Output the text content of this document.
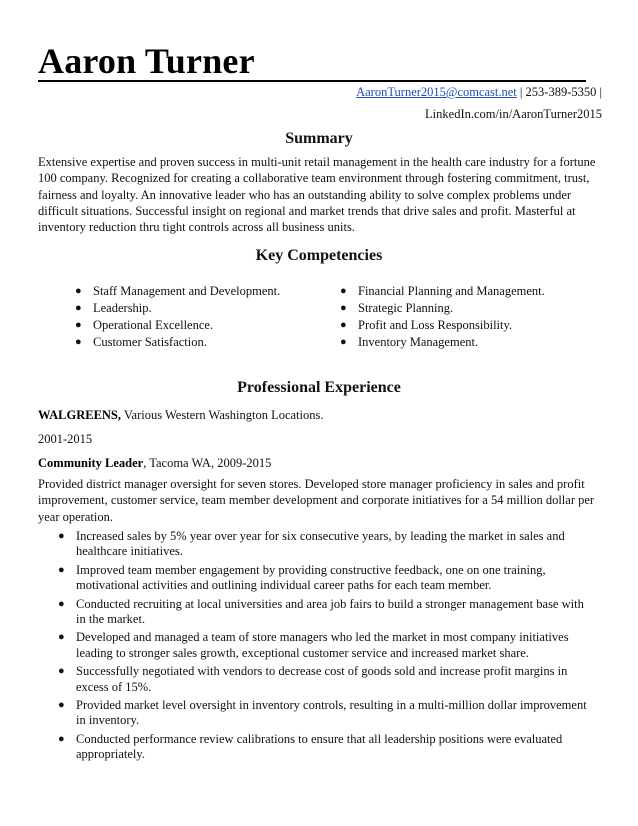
Aaron Turner
AaronTurner2015@comcast.net | 253-389-5350 |
LinkedIn.com/in/AaronTurner2015
Summary
Extensive expertise and proven success in multi-unit retail management in the health care industry for a fortune 100 company. Recognized for creating a collaborative team environment through fostering commitment, trust, fairness and loyalty. An innovative leader who has an outstanding ability to solve complex problems under difficult situations. Successful insight on regional and market trends that drive sales and profit. Masterful at inventory reduction thru tight controls across all business units.
Key Competencies
● Staff Management and Development.
● Leadership.
● Operational Excellence.
● Customer Satisfaction.
● Financial Planning and Management.
● Strategic Planning.
● Profit and Loss Responsibility.
● Inventory Management.
Professional Experience
WALGREENS, Various Western Washington Locations.
2001-2015
Community Leader, Tacoma WA, 2009-2015
Provided district manager oversight for seven stores. Developed store manager proficiency in sales and profit improvement, customer service, team member development and corporate initiatives for a 54 million dollar per year operation.
● Increased sales by 5% year over year for six consecutive years, by leading the market in sales and healthcare initiatives.
● Improved team member engagement by providing constructive feedback, one on one training, motivational activities and outlining individual career paths for each team member.
● Conducted recruiting at local universities and area job fairs to build a stronger management base with in the market.
● Developed and managed a team of store managers who led the market in most company initiatives leading to stronger sales growth, exceptional customer service and increased market share.
● Successfully negotiated with vendors to decrease cost of goods sold and increase profit margins in excess of 15%.
● Provided market level oversight in inventory controls, resulting in a multi-million dollar improvement in inventory.
● Conducted performance review calibrations to ensure that all leadership positions were evaluated appropriately.
